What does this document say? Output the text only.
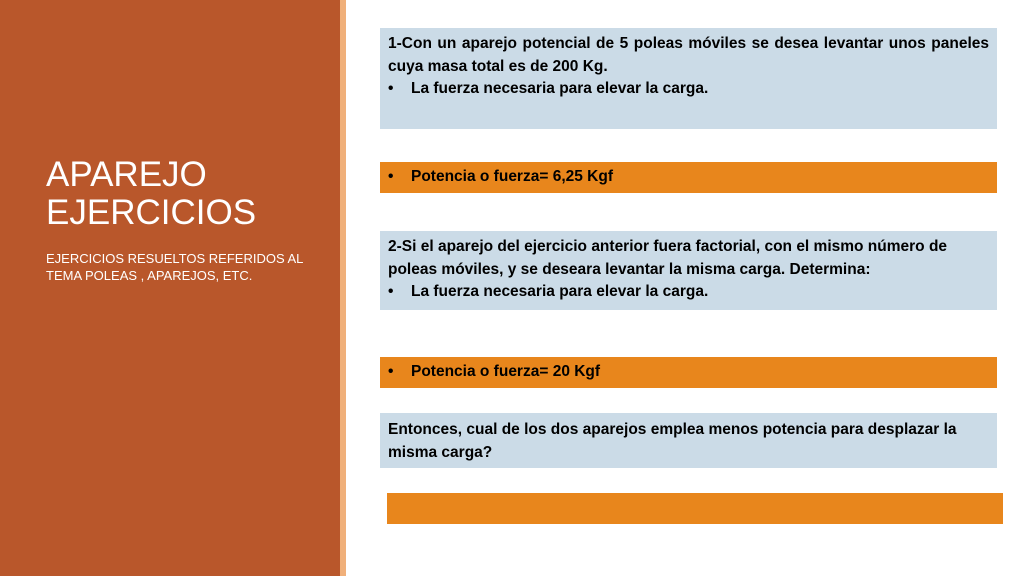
APAREJO
EJERCICIOS

EJERCICIOS RESUELTOS REFERIDOS AL TEMA POLEAS , APAREJOS, ETC.

1-Con un aparejo potencial de 5 poleas móviles se desea levantar unos paneles cuya masa total es de 200 Kg.

•	La fuerza necesaria para elevar la carga.
•	Potencia o fuerza= 6,25 Kgf

2-Si el aparejo del ejercicio anterior fuera factorial, con el mismo número de poleas móviles, y se deseara levantar la misma carga. Determina:

•	La fuerza necesaria para elevar la carga.
•	Potencia o fuerza= 20 Kgf

Entonces, cual de los dos aparejos emplea menos potencia para desplazar la misma carga?
